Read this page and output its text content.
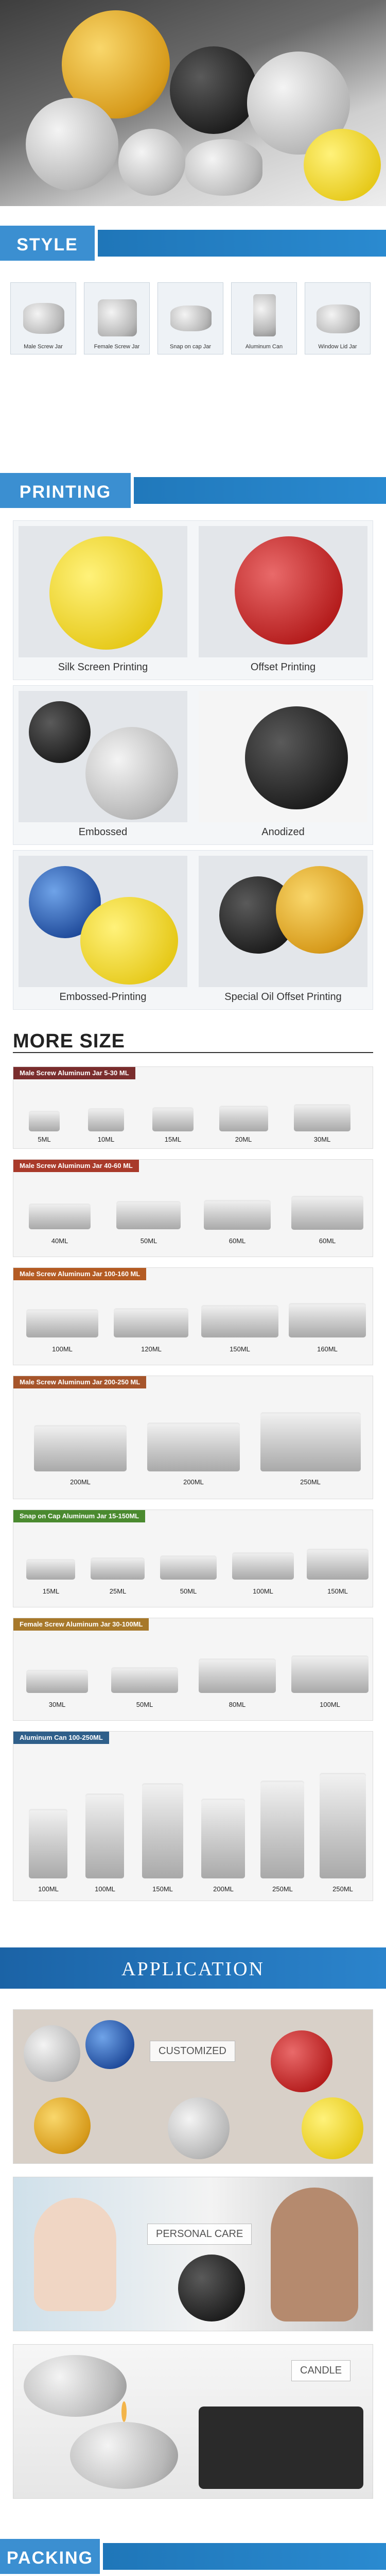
STYLE
Male Screw Jar	Female Screw Jar	Snap on cap Jar	Aluminum Can	Window Lid Jar
PRINTING
Silk Screen Printing	Offset Printing
Embossed	Anodized
Embossed-Printing	Special Oil Offset Printing
MORE SIZE
Male Screw Aluminum Jar 5-30 ML
5ML	10ML	15ML	20ML	30ML
Male Screw Aluminum Jar 40-60 ML
40ML	50ML	60ML	60ML
Male Screw Aluminum Jar 100-160 ML
100ML	120ML	150ML	160ML
Male Screw Aluminum Jar 200-250 ML
200ML	200ML	250ML
Snap on Cap Aluminum Jar 15-150ML
15ML	25ML	50ML	100ML	150ML
Female Screw Aluminum Jar 30-100ML
30ML	50ML	80ML	100ML
Aluminum Can 100-250ML
100ML	100ML	150ML	200ML	250ML	250ML
APPLICATION
CUSTOMIZED
PERSONAL CARE
CANDLE
PACKING
